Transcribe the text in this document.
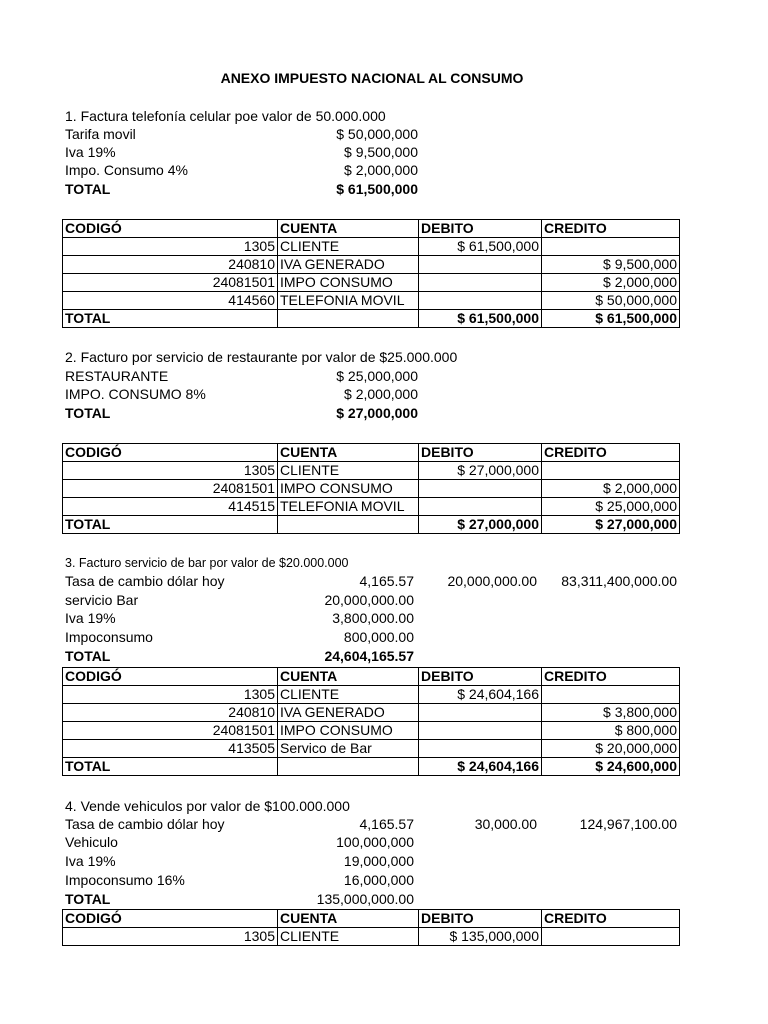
ANEXO IMPUESTO NACIONAL AL CONSUMO
1. Factura telefonía celular poe valor de 50.000.000
Tarifa movil	$ 50,000,000
Iva 19%	$ 9,500,000
Impo. Consumo 4%	$ 2,000,000
TOTAL	$ 61,500,000
CODIGÓ	CUENTA	DEBITO	CREDITO
1305	CLIENTE	$ 61,500,000	
240810	IVA GENERADO		$ 9,500,000
24081501	IMPO CONSUMO		$ 2,000,000
414560	TELEFONIA MOVIL		$ 50,000,000
TOTAL		$ 61,500,000	$ 61,500,000
2. Facturo por servicio de restaurante por valor de $25.000.000
RESTAURANTE	$ 25,000,000
IMPO. CONSUMO 8%	$ 2,000,000
TOTAL	$ 27,000,000
CODIGÓ	CUENTA	DEBITO	CREDITO
1305	CLIENTE	$ 27,000,000	
24081501	IMPO CONSUMO		$ 2,000,000
414515	TELEFONIA MOVIL		$ 25,000,000
TOTAL		$ 27,000,000	$ 27,000,000
3. Facturo servicio de bar por valor de $20.000.000
Tasa de cambio dólar hoy	4,165.57	20,000,000.00	83,311,400,000.00
servicio Bar	20,000,000.00
Iva 19%	3,800,000.00
Impoconsumo	800,000.00
TOTAL	24,604,165.57
CODIGÓ	CUENTA	DEBITO	CREDITO
1305	CLIENTE	$ 24,604,166	
240810	IVA GENERADO		$ 3,800,000
24081501	IMPO CONSUMO		$ 800,000
413505	Servico de Bar		$ 20,000,000
TOTAL		$ 24,604,166	$ 24,600,000
4. Vende vehiculos por valor de $100.000.000
Tasa de cambio dólar hoy	4,165.57	30,000.00	124,967,100.00
Vehiculo	100,000,000
Iva 19%	19,000,000
Impoconsumo 16%	16,000,000
TOTAL	135,000,000.00
CODIGÓ	CUENTA	DEBITO	CREDITO
1305	CLIENTE	$ 135,000,000	
